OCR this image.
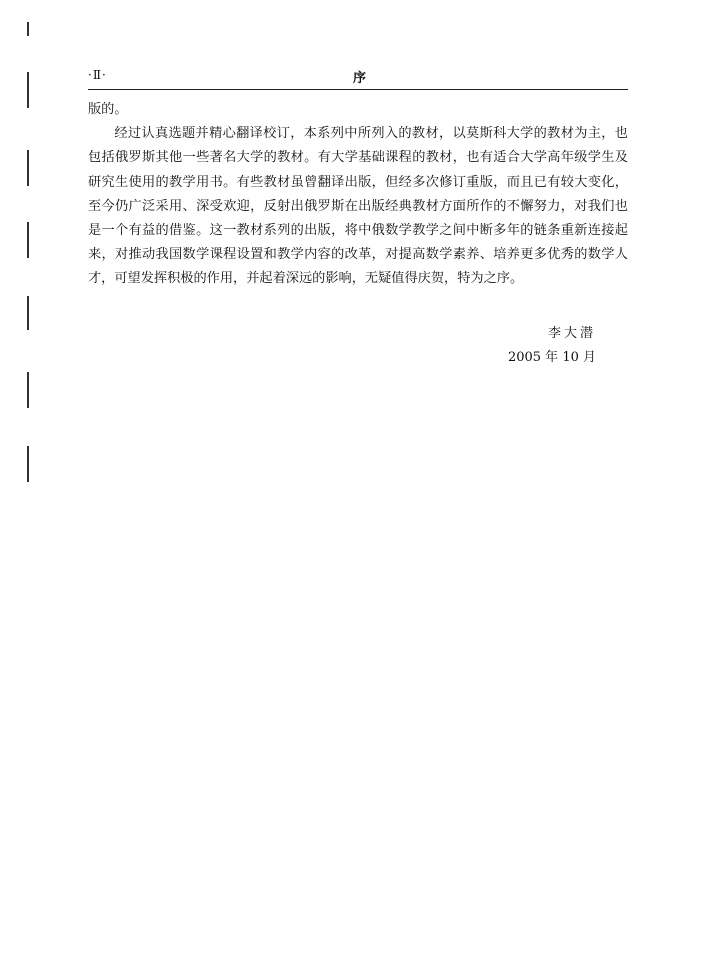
·Ⅱ·	序

版的。

经过认真选题并精心翻译校订，本系列中所列入的教材，以莫斯科大学的教材为主，也包括俄罗斯其他一些著名大学的教材。有大学基础课程的教材，也有适合大学高年级学生及研究生使用的教学用书。有些教材虽曾翻译出版，但经多次修订重版，而且已有较大变化，至今仍广泛采用、深受欢迎，反射出俄罗斯在出版经典教材方面所作的不懈努力，对我们也是一个有益的借鉴。这一教材系列的出版，将中俄数学教学之间中断多年的链条重新连接起来，对推动我国数学课程设置和教学内容的改革，对提高数学素养、培养更多优秀的数学人才，可望发挥积极的作用，并起着深远的影响，无疑值得庆贺，特为之序。

李大潜
2005 年 10 月
